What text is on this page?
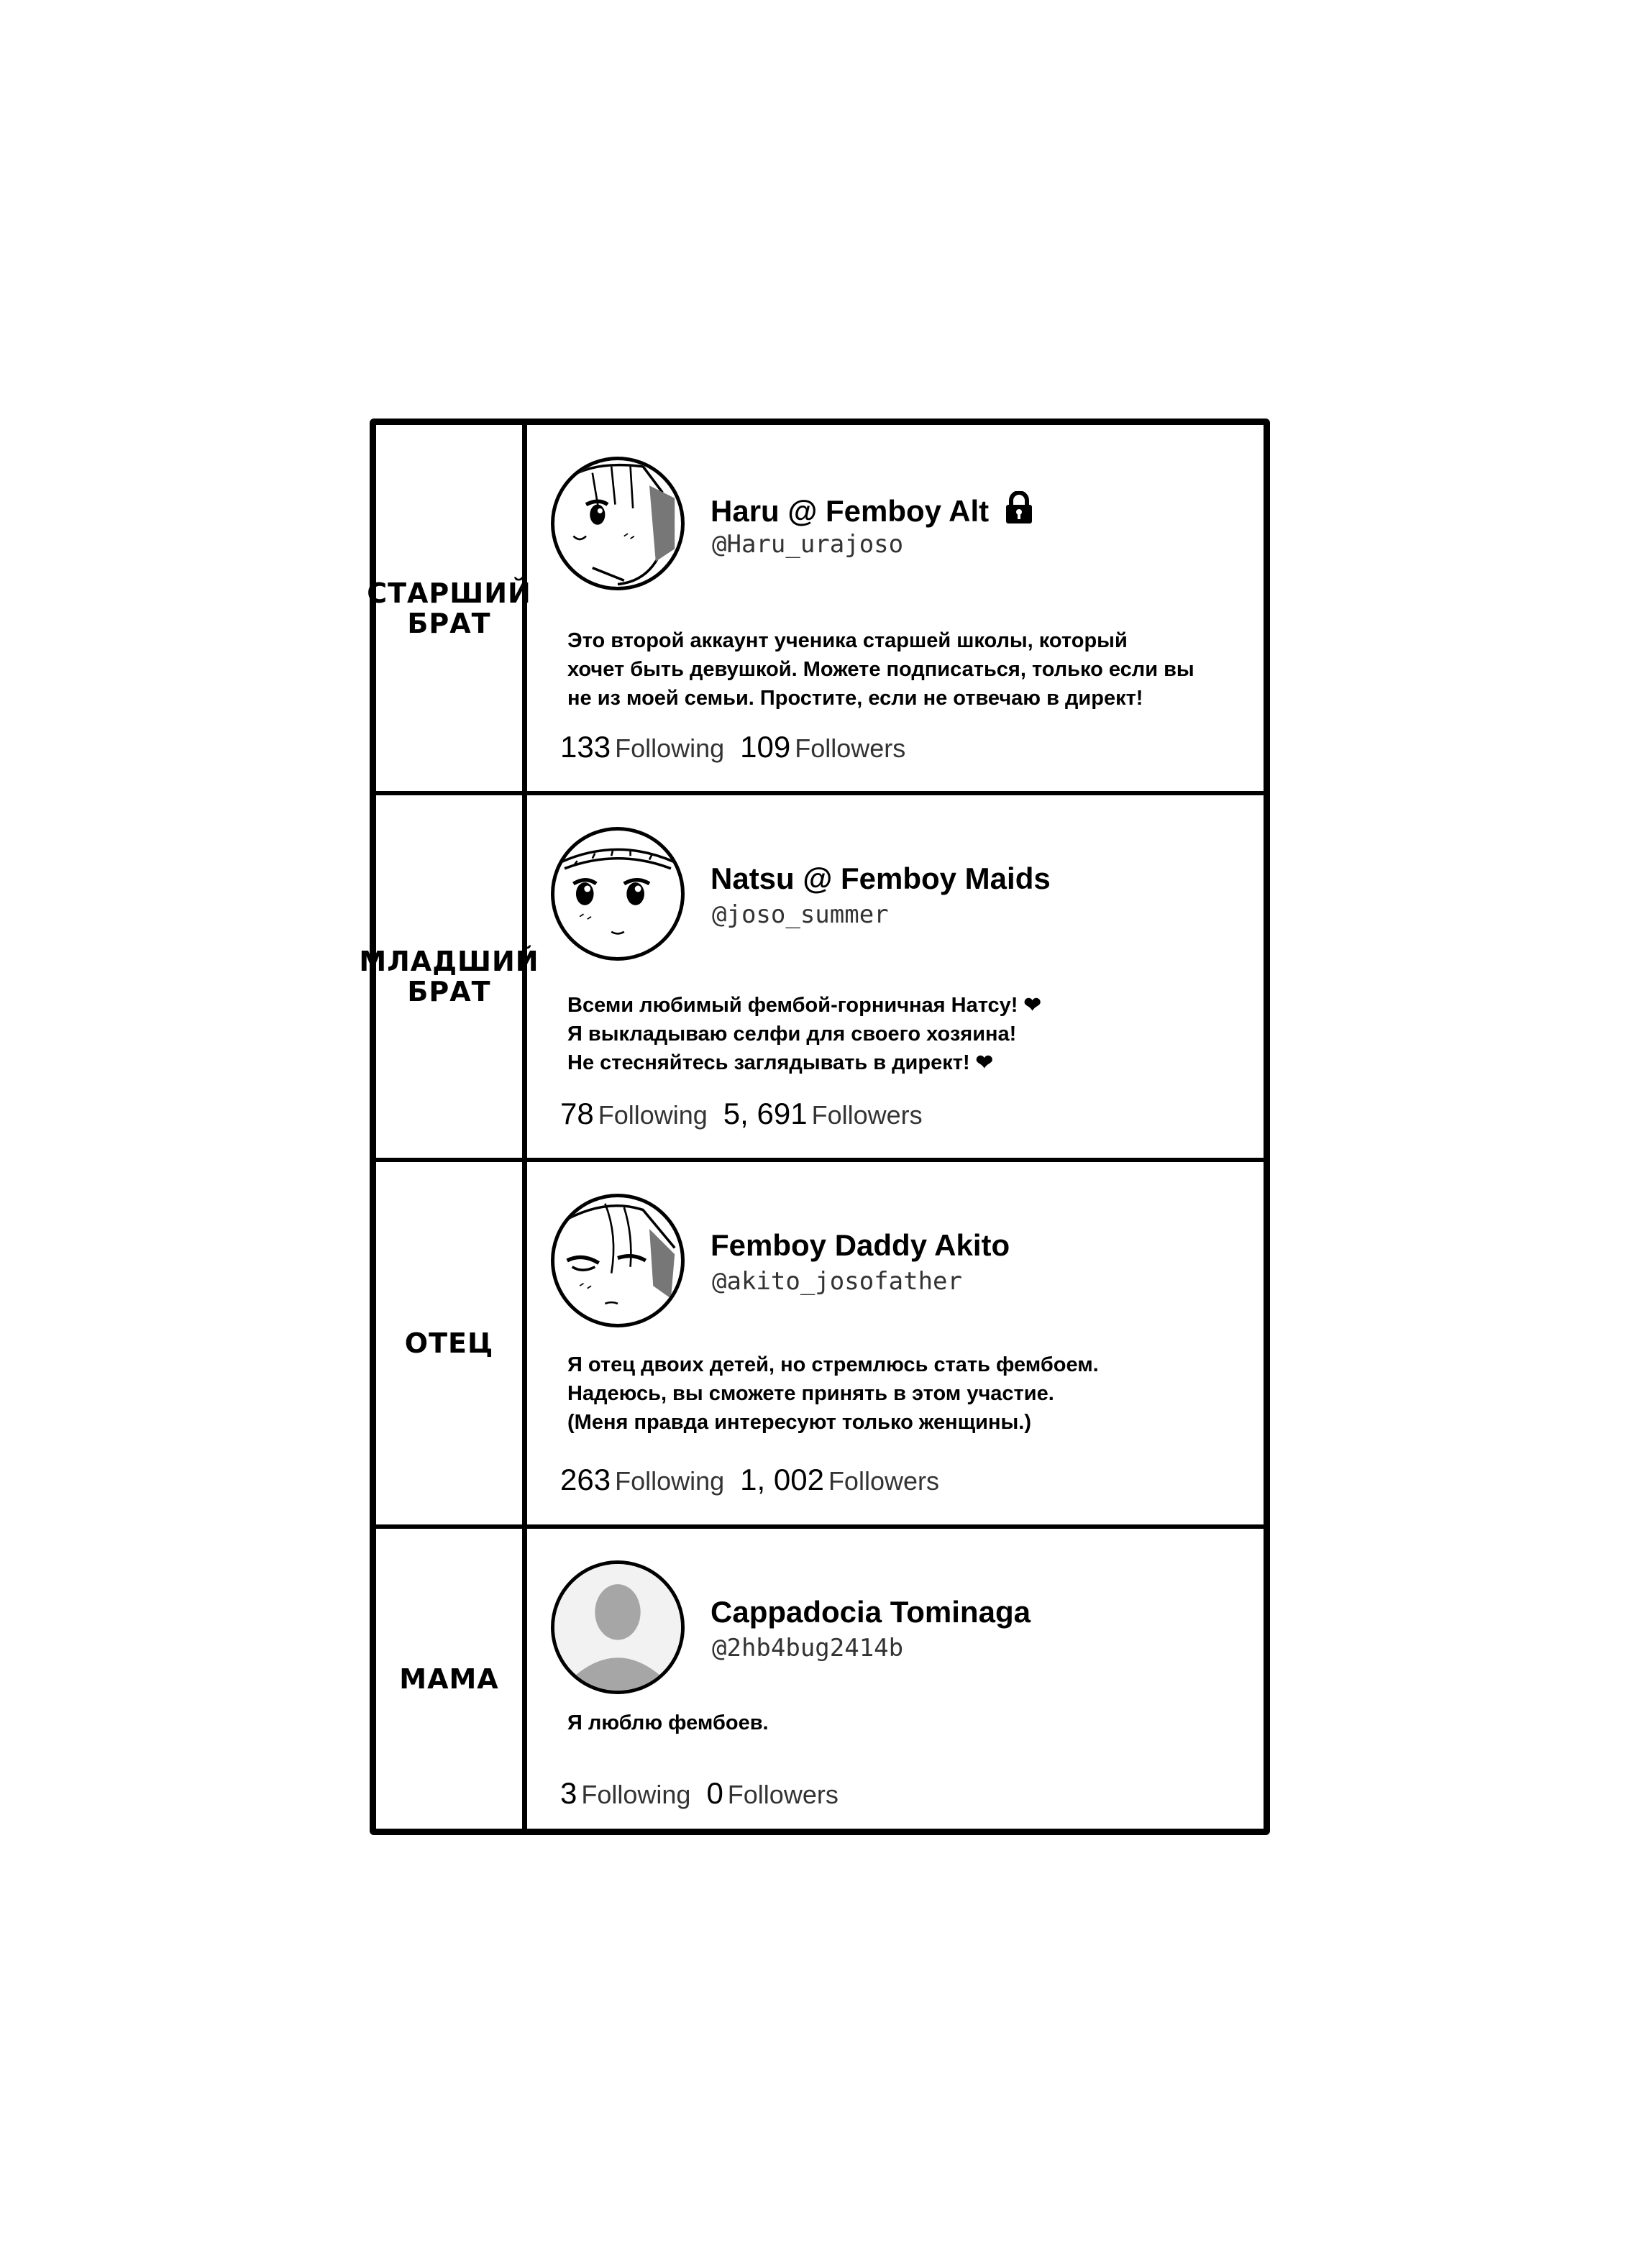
СТАРШИЙ
БРАТ
Haru @ Femboy Alt
@Haru_urajoso
Это второй аккаунт ученика старшей школы, который
хочет быть девушкой. Можете подписаться, только если вы
не из моей семьи. Простите, если не отвечаю в директ!
133 Following 109 Followers
МЛАДШИЙ
БРАТ
Natsu @ Femboy Maids
@joso_summer
Всеми любимый фембой-горничная Натсу! ❤
Я выкладываю селфи для своего хозяина!
Не стесняйтесь заглядывать в директ! ❤
78 Following 5, 691 Followers
ОТЕЦ
Femboy Daddy Akito
@akito_josofather
Я отец двоих детей, но стремлюсь стать фембоем.
Надеюсь, вы сможете принять в этом участие.
(Меня правда интересуют только женщины.)
263 Following 1, 002 Followers
МАМА
Cappadocia Tominaga
@2hb4bug2414b
Я люблю фембоев.
3 Following 0 Followers
